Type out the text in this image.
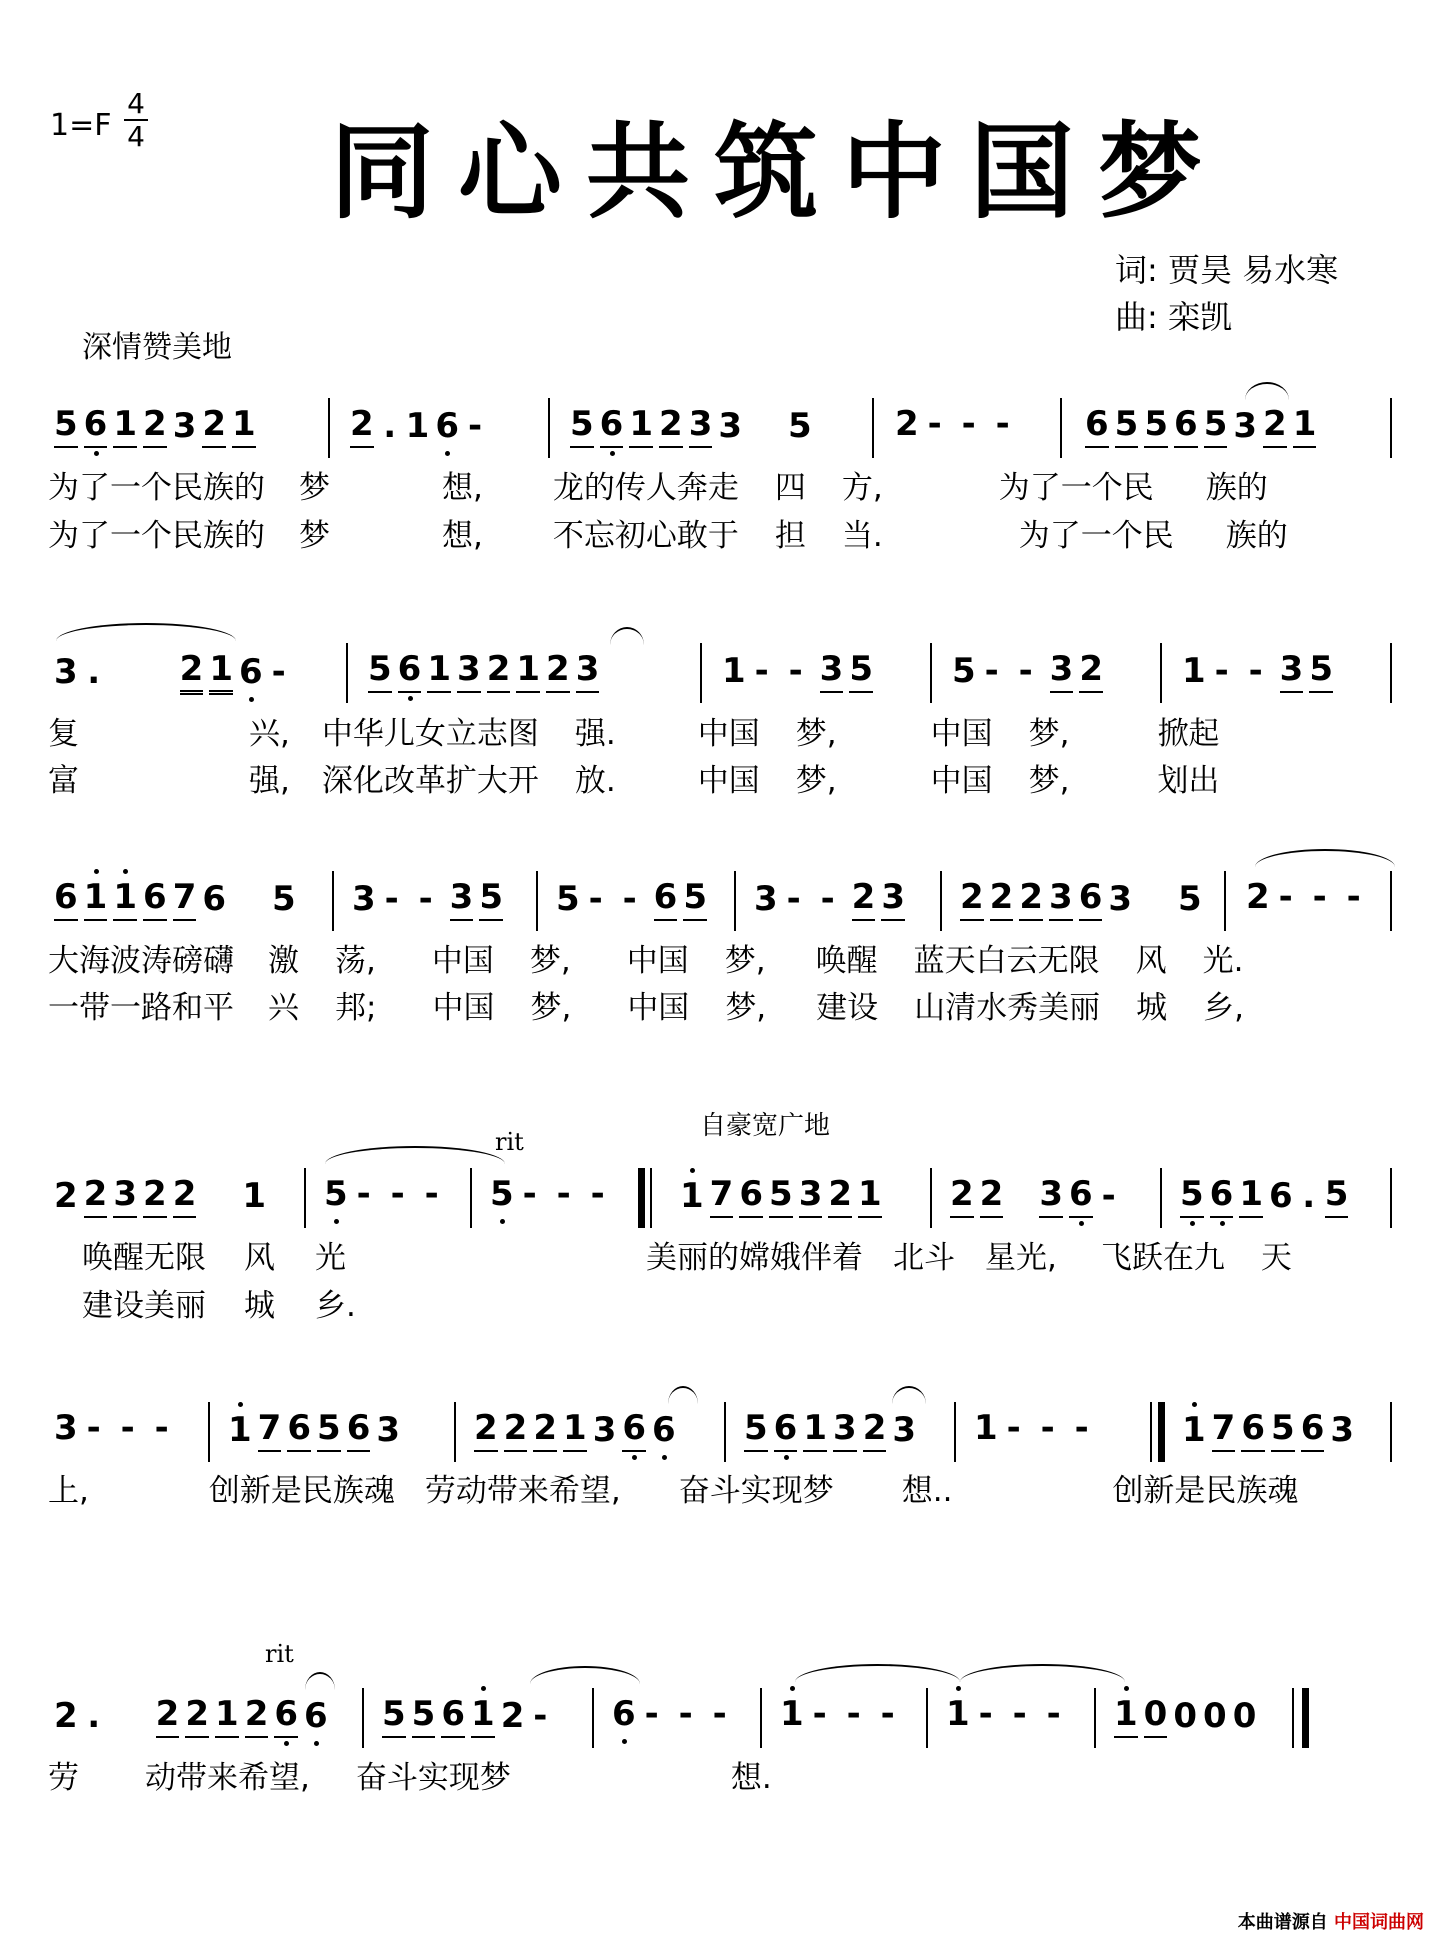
1=F
4
4 同心共筑中国梦
词: 贾昊 易水寒
曲: 栾凯
深情赞美地
自豪宽广地
5 6 1 2 3 2 1	2 . 1 6 -	5 6 1 2 3 3 5 2 - - - 6 5 5 6 5 3 2 1
为了一个民族的 梦	想, 龙的传人奔走 四 方,	为了一个民 族的
为了一个民族的 梦	想, 不忘初心敢于 担 当.	为了一个民 族的
3 . 2 1 6 - 5 6 1 3 2 1 2 3	1 - - 3 5 5 - - 3 2 1 - - 3 5
复	兴, 中华儿女立志图 强.	中国 梦,	中国 梦,	掀起
富	强, 深化改革扩大开 放.	中国 梦,	中国 梦,	划出
6 1 1 6 7 6 5 3 - - 3 5 5 - - 6 5 3 - - 2 3 2 2 2 3 6 3 5 2 - - -
大海波涛磅礴 激 荡, 中国 梦, 中国 梦, 唤醒 蓝天白云无限 风 光.
一带一路和平 兴 邦; 中国 梦, 中国 梦, 建设 山清水秀美丽 城 乡,
2 2 3 2 2 1 5 - - - 5 - - - 1 7 6 5 3 2 1 2 2 3 6 - 5 6 1 6 . 5
rit
唤醒无限 风 光	美丽的嫦娥伴着 北斗 星光, 飞跃在九 天
建设美丽 城 乡.
3 - - - 1 7 6 5 6 3 2 2 2 1 3 6 6 5 6 1 3 2 3 1 - - -	1 7 6 5 6 3
上,	创新是民族魂 劳动带来希望, 奋斗实现梦 想..	创新是民族魂
2 . 2 2 1 2 6 6 5 5 6 1 2 - 6 - - - 1 - - - 1 - - - 1 0 0 0 0
rit
劳 动带来希望, 奋斗实现梦	想.
本曲谱源自 中国词曲网
